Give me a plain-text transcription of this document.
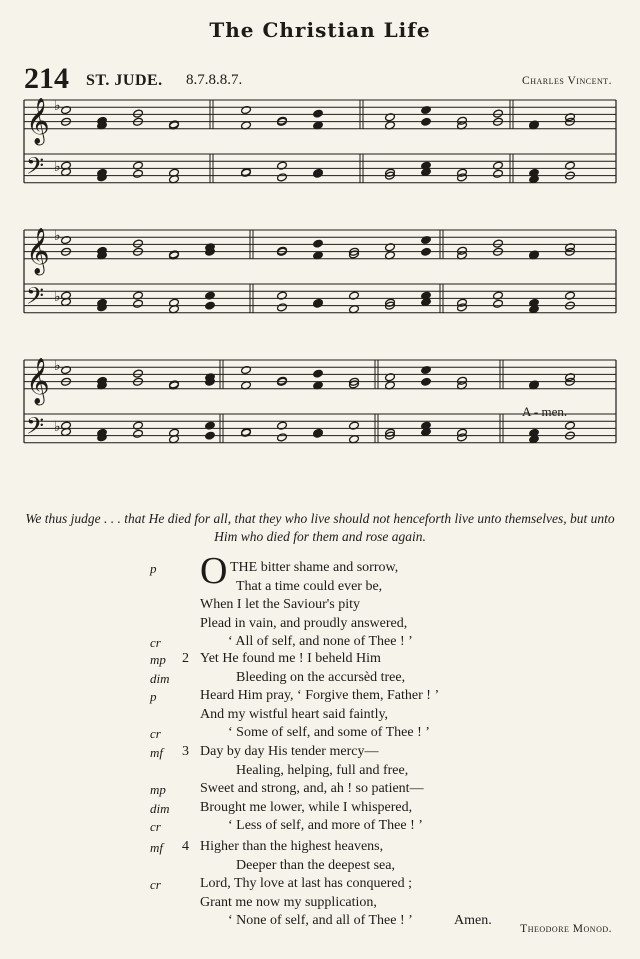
The Christian Life
214 ST. JUDE. 8.7.8.8.7.	Charles Vincent.
𝄞 ♭
𝄢 ♭
𝄞 ♭
𝄢 ♭
𝄞 ♭
𝄢 ♭
A - men.
We thus judge . . . that He died for all, that they who live should not henceforth live unto themselves, but unto Him who died for them and rose again.
O
p	THE bitter shame and sorrow,
That a time could ever be,
When I let the Saviour's pity
Plead in vain, and proudly answered,
cr	‘ All of self, and none of Thee ! ’
2
mp Yet He found me ! I beheld Him
dim	Bleeding on the accursèd tree,
p	Heard Him pray, ‘ Forgive them, Father ! ’
And my wistful heart said faintly,
cr	‘ Some of self, and some of Thee ! ’
3
mf	Day by day His tender mercy—
Healing, helping, full and free,
mp Sweet and strong, and, ah ! so patient—
dim Brought me lower, while I whispered,
cr	‘ Less of self, and more of Thee ! ’
4
mf	Higher than the highest heavens,
Deeper than the deepest sea,
cr	Lord, Thy love at last has conquered ;
Grant me now my supplication,
‘ None of self, and all of Thee ! ’	Amen.
Theodore Monod.
